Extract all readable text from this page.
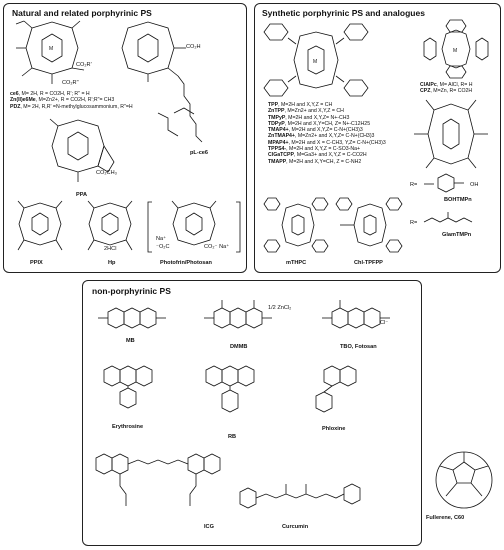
Natural and related porphyrinic PS
M
CO₂R'
CO₂R"
CO₂H
pL-ce6
ce6, M= 2H, R = CO2H, R'; R" = H
Zn(II)e6Me, M=Zn2+, R = CO2H, R';R"= CH3
PDZ, M= 2H, R,R' =N-methylglucosammonium, R"=H
CO₂CH₃
PPA
PPIX
2HCl
Hp
Na⁺
⁻O₂C	CO₂⁻ Na⁺
Photofrin/Photosan
Synthetic porphyrinic PS and analogues
M
TPP, M=2H and X,Y,Z = CH
ZnTPP, M=Zn2+ and X,Y,Z = CH
TMPyP, M=2H and X,Y,Z= N+-CH3
TDPyP, M=2H and X,Y=CH, Z= N+-C12H25
TMAP4+, M=2H and X,Y,Z= C-N+(CH3)3
ZnTMAP4+, M=Zn2+ and X,Y,Z= C-N+(CH3)3
MPAP4+, M=2H and X = C-CH3, Y,Z= C-N+(CH3)3
TPPS4-, M=2H and X,Y,Z = C-SO3-Na+
ClGaTCPP, M=Ga3+ and X,Y,Z = C-CO2H
TMAPP, M=2H and X,Y=CH, Z = C-NH2
M
ClAlPc, M= AlCl, R= H
CPZ, M=Zn, R= CO2H
R=	OH
BOHTMPn
R=
GlamTMPn
mTHPC	Chl-TPFPP
non-porphyrinic PS
MB
1/2 ZnCl₂
DMMB
Cl⁻
TBO, Fotosan
Erythrosine
RB
Phloxine
ICG	Curcumin
Fullerene, C60
